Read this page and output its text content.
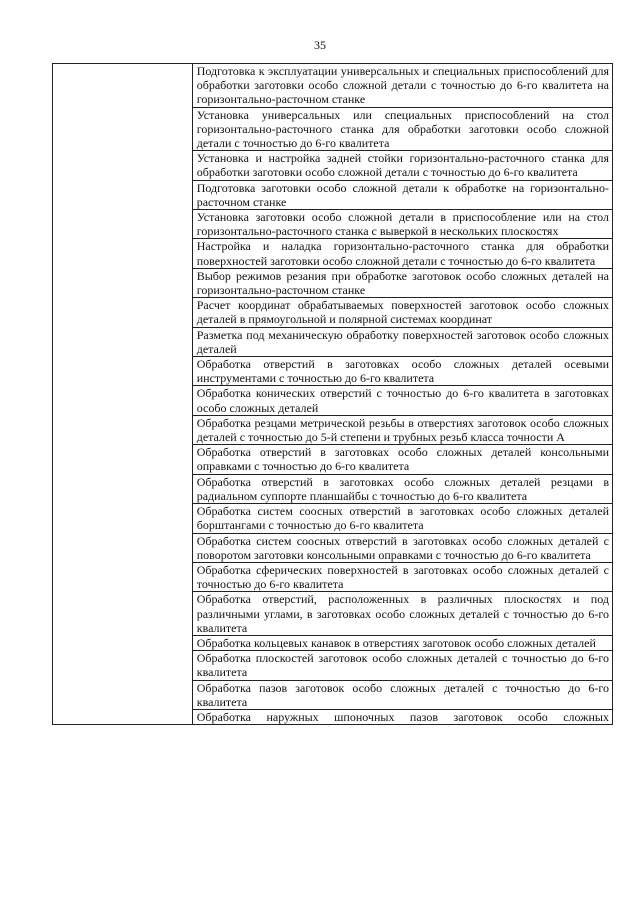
35
	Подготовка к эксплуатации универсальных и специальных приспособлений для обработки заготовки особо сложной детали с точностью до 6-го квалитета на горизонтально-расточном станке
Установка универсальных или специальных приспособлений на стол горизонтально-расточного станка для обработки заготовки особо сложной детали с точностью до 6-го квалитета
Установка и настройка задней стойки горизонтально-расточного станка для обработки заготовки особо сложной детали с точностью до 6-го квалитета
Подготовка заготовки особо сложной детали к обработке на горизонтально-расточном станке
Установка заготовки особо сложной детали в приспособление или на стол горизонтально-расточного станка с выверкой в нескольких плоскостях
Настройка и наладка горизонтально-расточного станка для обработки поверхностей заготовки особо сложной детали с точностью до 6-го квалитета
Выбор режимов резания при обработке заготовок особо сложных деталей на горизонтально-расточном станке
Расчет координат обрабатываемых поверхностей заготовок особо сложных деталей в прямоугольной и полярной системах координат
Разметка под механическую обработку поверхностей заготовок особо сложных деталей
Обработка отверстий в заготовках особо сложных деталей осевыми инструментами с точностью до 6-го квалитета
Обработка конических отверстий с точностью до 6-го квалитета в заготовках особо сложных деталей
Обработка резцами метрической резьбы в отверстиях заготовок особо сложных деталей с точностью до 5-й степени и трубных резьб класса точности А
Обработка отверстий в заготовках особо сложных деталей консольными оправками с точностью до 6-го квалитета
Обработка отверстий в заготовках особо сложных деталей резцами в радиальном суппорте планшайбы с точностью до 6-го квалитета
Обработка систем соосных отверстий в заготовках особо сложных деталей борштангами с точностью до 6-го квалитета
Обработка систем соосных отверстий в заготовках особо сложных деталей с поворотом заготовки консольными оправками с точностью до 6-го квалитета
Обработка сферических поверхностей в заготовках особо сложных деталей с точностью до 6-го квалитета
Обработка отверстий, расположенных в различных плоскостях и под различными углами, в заготовках особо сложных деталей с точностью до 6-го квалитета
Обработка кольцевых канавок в отверстиях заготовок особо сложных деталей
Обработка плоскостей заготовок особо сложных деталей с точностью до 6-го квалитета
Обработка пазов заготовок особо сложных деталей с точностью до 6-го квалитета

Обработка наружных шпоночных пазов заготовок особо сложных
